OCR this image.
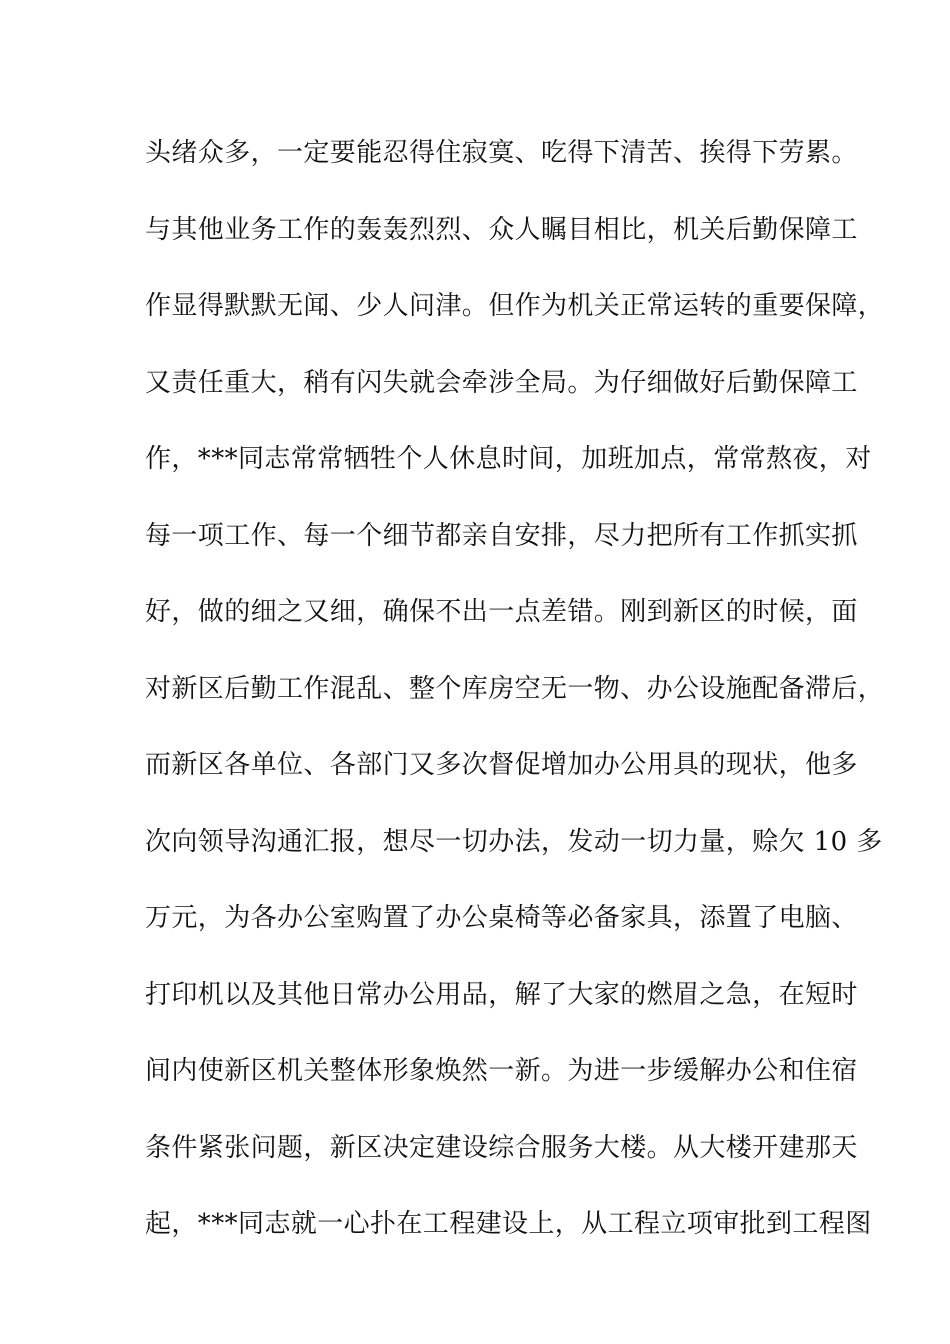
头绪众多，一定要能忍得住寂寞、吃得下清苦、挨得下劳累。
与其他业务工作的轰轰烈烈、众人瞩目相比，机关后勤保障工
作显得默默无闻、少人问津。但作为机关正常运转的重要保障，
又责任重大，稍有闪失就会牵涉全局。为仔细做好后勤保障工
作，***同志常常牺牲个人休息时间，加班加点，常常熬夜，对
每一项工作、每一个细节都亲自安排，尽力把所有工作抓实抓
好，做的细之又细，确保不出一点差错。刚到新区的时候，面
对新区后勤工作混乱、整个库房空无一物、办公设施配备滞后，
而新区各单位、各部门又多次督促增加办公用具的现状，他多
次向领导沟通汇报，想尽一切办法，发动一切力量，赊欠 10 多
万元，为各办公室购置了办公桌椅等必备家具，添置了电脑、
打印机以及其他日常办公用品，解了大家的燃眉之急，在短时
间内使新区机关整体形象焕然一新。为进一步缓解办公和住宿
条件紧张问题，新区决定建设综合服务大楼。从大楼开建那天
起，***同志就一心扑在工程建设上，从工程立项审批到工程图
